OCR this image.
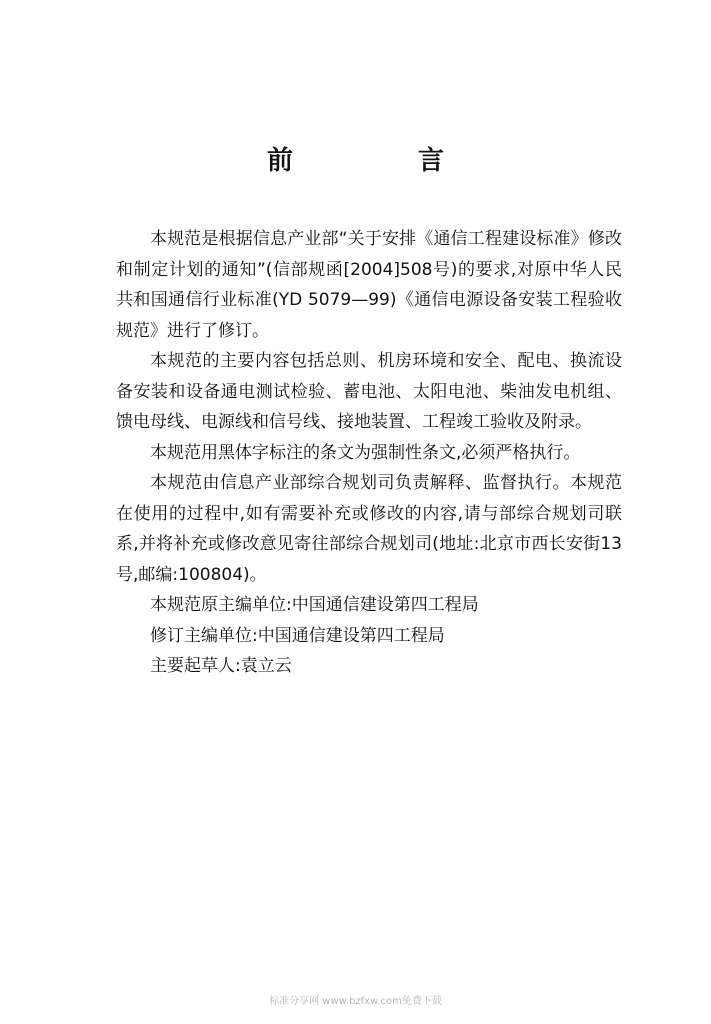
前 言

本规范是根据信息产业部“关于安排《通信工程建设标准》修改和制定计划的通知”(信部规函[2004]508号)的要求,对原中华人民共和国通信行业标准(YD 5079—99)《通信电源设备安装工程验收规范》进行了修订。

本规范的主要内容包括总则、机房环境和安全、配电、换流设备安装和设备通电测试检验、蓄电池、太阳电池、柴油发电机组、馈电母线、电源线和信号线、接地装置、工程竣工验收及附录。

本规范用黑体字标注的条文为强制性条文,必须严格执行。

本规范由信息产业部综合规划司负责解释、监督执行。本规范在使用的过程中,如有需要补充或修改的内容,请与部综合规划司联系,并将补充或修改意见寄往部综合规划司(地址:北京市西长安街13号,邮编:100804)。

本规范原主编单位:中国通信建设第四工程局

修订主编单位:中国通信建设第四工程局

主要起草人:袁立云

标准分享网 www.bzfxw.com免费下载
